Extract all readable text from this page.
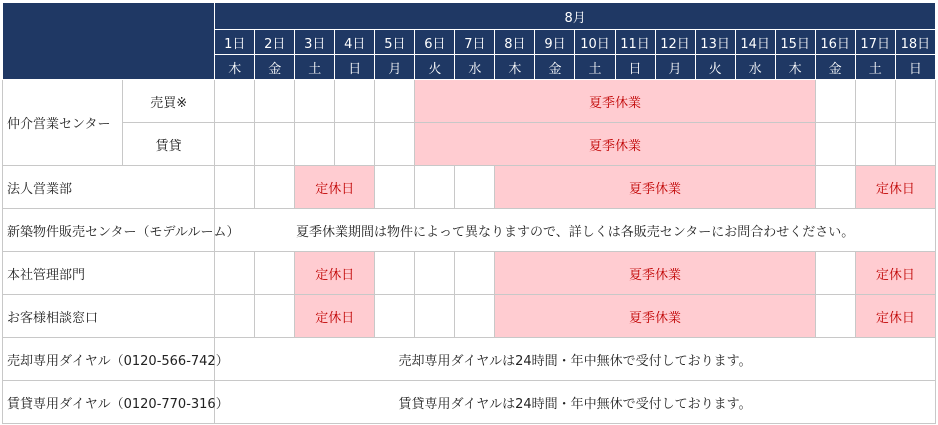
		8月																	
		1日	2日	3日	4日	5日	6日	7日	8日	9日	10日	11日	12日	13日	14日	15日	16日	17日	18日
		木	金	土	日	月	火	水	木	金	土	日	月	火	水	木	金	土	日
仲介営業センター	売買※						夏季休業												
	賃貸						夏季休業												
法人営業部				定休日					夏季休業									定休日	
新築物件販売センター（モデルルーム）		夏季休業期間は物件によって異なりますので、詳しくは各販売センターにお問合わせください。																	
本社管理部門				定休日					夏季休業									定休日	
お客様相談窓口				定休日					夏季休業									定休日	
売却専用ダイヤル（0120-566-742）		売却専用ダイヤルは24時間・年中無休で受付しております。																	
賃貸専用ダイヤル（0120-770-316）		賃貸専用ダイヤルは24時間・年中無休で受付しております。																	
